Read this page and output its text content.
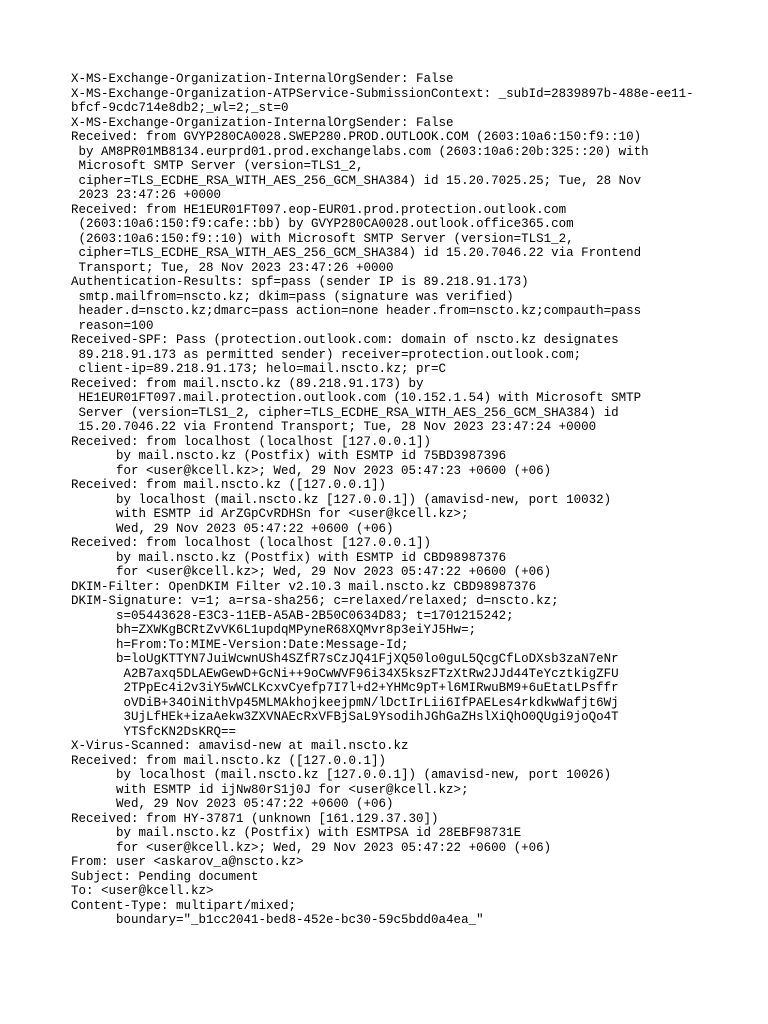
X-MS-Exchange-Organization-InternalOrgSender: False
X-MS-Exchange-Organization-ATPService-SubmissionContext: _subId=2839897b-488e-ee11-
bfcf-9cdc714e8db2;_wl=2;_st=0
X-MS-Exchange-Organization-InternalOrgSender: False
Received: from GVYP280CA0028.SWEP280.PROD.OUTLOOK.COM (2603:10a6:150:f9::10)
by AM8PR01MB8134.eurprd01.prod.exchangelabs.com (2603:10a6:20b:325::20) with
Microsoft SMTP Server (version=TLS1_2,
cipher=TLS_ECDHE_RSA_WITH_AES_256_GCM_SHA384) id 15.20.7025.25; Tue, 28 Nov
2023 23:47:26 +0000
Received: from HE1EUR01FT097.eop-EUR01.prod.protection.outlook.com
(2603:10a6:150:f9:cafe::bb) by GVYP280CA0028.outlook.office365.com
(2603:10a6:150:f9::10) with Microsoft SMTP Server (version=TLS1_2,
cipher=TLS_ECDHE_RSA_WITH_AES_256_GCM_SHA384) id 15.20.7046.22 via Frontend
Transport; Tue, 28 Nov 2023 23:47:26 +0000
Authentication-Results: spf=pass (sender IP is 89.218.91.173)
smtp.mailfrom=nscto.kz; dkim=pass (signature was verified)
header.d=nscto.kz;dmarc=pass action=none header.from=nscto.kz;compauth=pass
reason=100
Received-SPF: Pass (protection.outlook.com: domain of nscto.kz designates
89.218.91.173 as permitted sender) receiver=protection.outlook.com;
client-ip=89.218.91.173; helo=mail.nscto.kz; pr=C
Received: from mail.nscto.kz (89.218.91.173) by
HE1EUR01FT097.mail.protection.outlook.com (10.152.1.54) with Microsoft SMTP
Server (version=TLS1_2, cipher=TLS_ECDHE_RSA_WITH_AES_256_GCM_SHA384) id
15.20.7046.22 via Frontend Transport; Tue, 28 Nov 2023 23:47:24 +0000
Received: from localhost (localhost [127.0.0.1])
by mail.nscto.kz (Postfix) with ESMTP id 75BD3987396
for <user@kcell.kz>; Wed, 29 Nov 2023 05:47:23 +0600 (+06)
Received: from mail.nscto.kz ([127.0.0.1])
by localhost (mail.nscto.kz [127.0.0.1]) (amavisd-new, port 10032)
with ESMTP id ArZGpCvRDHSn for <user@kcell.kz>;
Wed, 29 Nov 2023 05:47:22 +0600 (+06)
Received: from localhost (localhost [127.0.0.1])
by mail.nscto.kz (Postfix) with ESMTP id CBD98987376
for <user@kcell.kz>; Wed, 29 Nov 2023 05:47:22 +0600 (+06)
DKIM-Filter: OpenDKIM Filter v2.10.3 mail.nscto.kz CBD98987376
DKIM-Signature: v=1; a=rsa-sha256; c=relaxed/relaxed; d=nscto.kz;
s=05443628-E3C3-11EB-A5AB-2B50C0634D83; t=1701215242;
bh=ZXWKgBCRtZvVK6L1updqMPyneR68XQMvr8p3eiYJ5Hw=;
h=From:To:MIME-Version:Date:Message-Id;
b=loUgKTTYN7JuiWcwnUSh4SZfR7sCzJQ41FjXQ50lo0guL5QcgCfLoDXsb3zaN7eNr
A2B7axq5DLAEwGewD+GcNi++9oCwWVF96i34X5kszFTzXtRw2JJd44TeYcztkigZFU
2TPpEc4i2v3iY5wWCLKcxvCyefp7I7l+d2+YHMc9pT+l6MIRwuBM9+6uEtatLPsffr
oVDiB+34OiNithVp45MLMAkhojkeejpmN/lDctIrLii6IfPAELes4rkdkwWafjt6Wj
3UjLfHEk+izaAekw3ZXVNAEcRxVFBjSaL9YsodihJGhGaZHslXiQhO0QUgi9joQo4T
YTSfcKN2DsKRQ==
X-Virus-Scanned: amavisd-new at mail.nscto.kz
Received: from mail.nscto.kz ([127.0.0.1])
by localhost (mail.nscto.kz [127.0.0.1]) (amavisd-new, port 10026)
with ESMTP id ijNw80rS1j0J for <user@kcell.kz>;
Wed, 29 Nov 2023 05:47:22 +0600 (+06)
Received: from HY-37871 (unknown [161.129.37.30])
by mail.nscto.kz (Postfix) with ESMTPSA id 28EBF98731E
for <user@kcell.kz>; Wed, 29 Nov 2023 05:47:22 +0600 (+06)
From: user <askarov_a@nscto.kz>
Subject: Pending document
To: <user@kcell.kz>
Content-Type: multipart/mixed;
boundary="_b1cc2041-bed8-452e-bc30-59c5bdd0a4ea_"
